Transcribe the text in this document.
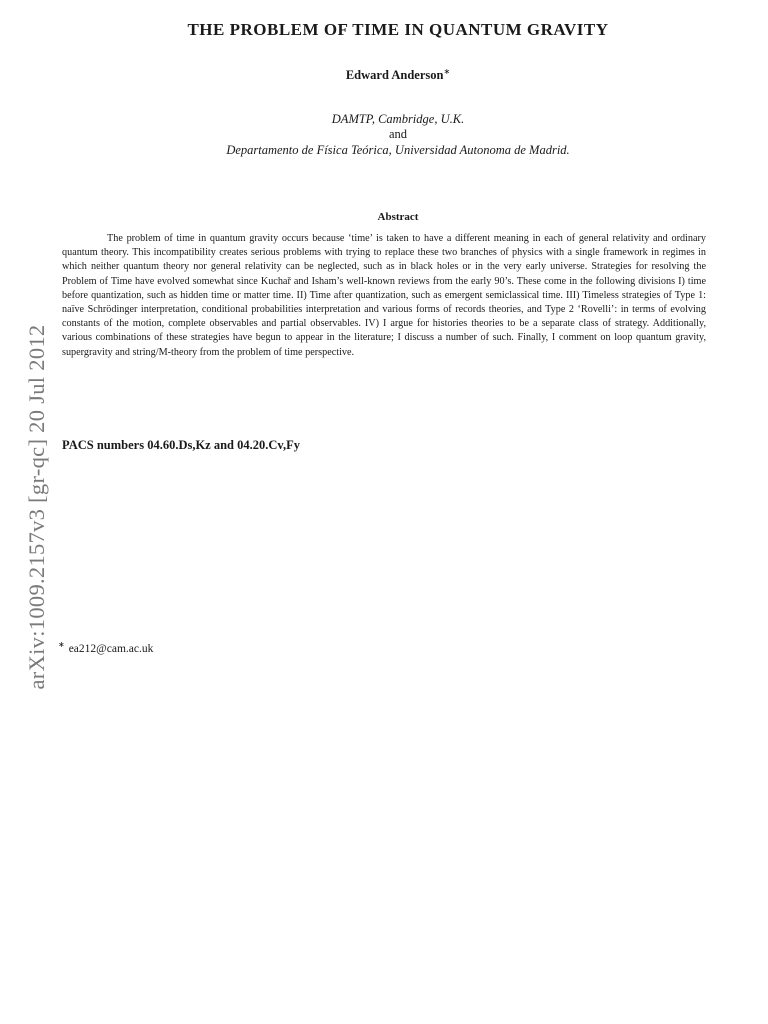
THE PROBLEM OF TIME IN QUANTUM GRAVITY
Edward Anderson∗
DAMTP, Cambridge, U.K.
and
Departamento de Física Teórica, Universidad Autonoma de Madrid.
Abstract

The problem of time in quantum gravity occurs because ‘time’ is taken to have a different meaning in each of general relativity and ordinary quantum theory. This incompatibility creates serious problems with trying to replace these two branches of physics with a single framework in regimes in which neither quantum theory nor general relativity can be neglected, such as in black holes or in the very early universe. Strategies for resolving the Problem of Time have evolved somewhat since Kuchař and Isham’s well-known reviews from the early 90’s. These come in the following divisions I) time before quantization, such as hidden time or matter time. II) Time after quantization, such as emergent semiclassical time. III) Timeless strategies of Type 1: naïve Schrödinger interpretation, conditional probabilities interpretation and various forms of records theories, and Type 2 ‘Rovelli’: in terms of evolving constants of the motion, complete observables and partial observables. IV) I argue for histories theories to be a separate class of strategy. Additionally, various combinations of these strategies have begun to appear in the literature; I discuss a number of such. Finally, I comment on loop quantum gravity, supergravity and string/M-theory from the problem of time perspective.

PACS numbers 04.60.Ds,Kz and 04.20.Cv,Fy
∗ ea212@cam.ac.uk
arXiv:1009.2157v3 [gr-qc] 20 Jul 2012
